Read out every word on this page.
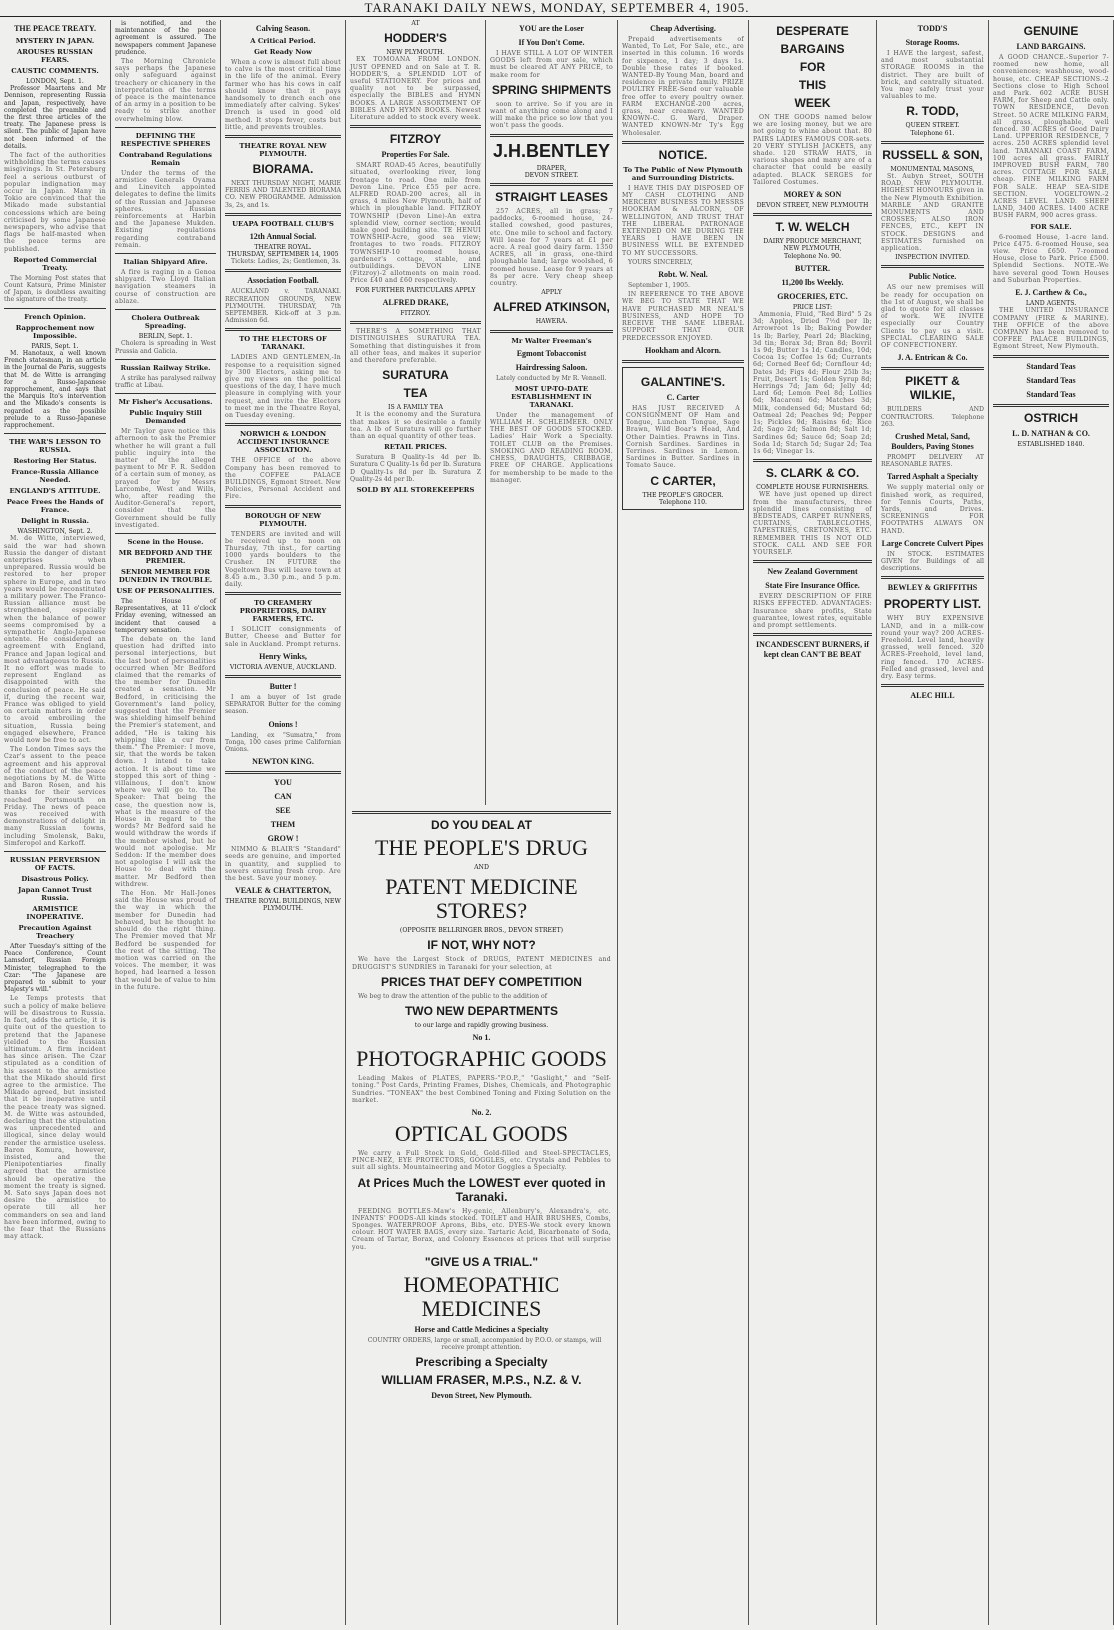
TARANAKI DAILY NEWS, MONDAY, SEPTEMBER 4, 1905.
THE PEACE TREATY.
MYSTERY IN JAPAN.
AROUSES RUSSIAN FEARS.
CAUSTIC COMMENTS.
LONDON, Sept. 1.
Professor Maartens and Mr Dennison, representing Russia and Japan, respectively, have completed the preamble and the first three articles of the treaty. The Japanese press is silent. The public of Japan have not been informed of the details.
The fact of the authorities withholding the terms causes misgivings. In St. Petersburg feel a serious outburst of popular indignation may occur in Japan. Many in Tokio are convinced that the Mikado made substantial concessions which are being criticised by some Japanese newspapers, who advise that flags be half-masted when the peace terms are published.
Reported Commercial Treaty.
The Morning Post states that Count Katsura, Prime Minister of Japan, is doubtless awaiting the signature of the treaty.
French Opinion.
Rapprochement now Impossible.
PARIS, Sept. 1.
M. Hanotaux, a well known French statesman, in an article in the Journal de Paris, suggests that M. de Witte is arranging for a Russo-Japanese rapprochement, and says that the Marquis Ito's intervention and the Mikado's consents is regarded as the possible prelude to a Russo-Japanese rapprochement.
THE WAR'S LESSON TO RUSSIA.
Restoring Her Status.
France-Russia Alliance Needed.
ENGLAND'S ATTITUDE.
Peace Frees the Hands of France.
Delight in Russia.
WASHINGTON, Sept. 2.
M. de Witte, interviewed, said the war had shown Russia the danger of distant enterprises when unprepared. Russia would be restored to her proper sphere in Europe, and in two years would be reconstituted a military power. The Franco-Russian alliance must be strengthened, especially when the balance of power seems compromised by a sympathetic Anglo-Japanese entente. He considered an agreement with England, France and Japan logical and most advantageous to Russia. It no effort was made to represent England as disappointed with the conclusion of peace. He said if, during the recent war, France was obliged to yield on certain matters in order to avoid embroiling the situation, Russia being engaged elsewhere, France would now be free to act.
The London Times says the Czar's assent to the peace agreement and his approval of the conduct of the peace negotiations by M. de Witte and Baron Rosen, and his thanks for their services reached Portsmouth on Friday. The news of peace was received with demonstrations of delight in many Russian towns, including Smolensk, Baku, Simferopol and Karkoff.
RUSSIAN PERVERSION OF FACTS.
Disastrous Policy.
Japan Cannot Trust Russia.
ARMISTICE INOPERATIVE.
Precaution Against Treachery
After Tuesday's sitting of the Peace Conference, Count Lamsdorf, Russian Foreign Minister, telegraphed to the Czar: "The Japanese are prepared to submit to your Majesty's will."
Le Temps protests that such a policy of make believe will be disastrous to Russia. In fact, adds the article, it is quite out of the question to pretend that the Japanese yielded to the Russian ultimatum. A firm incident has since arisen. The Czar stipulated as a condition of his assent to the armistice that the Mikado should first agree to the armistice. The Mikado agreed, but insisted that it be inoperative until the peace treaty was signed. M. de Witte was astounded, declaring that the stipulation was unprecedented and illogical, since delay would render the armistice useless. Baron Komura, however, insisted, and the Plenipotentiaries finally agreed that the armistice should be operative the moment the treaty is signed. M. Sato says Japan does not desire the armistice to operate till all her commanders on sea and land have been informed, owing to the fear that the Russians may attack.
is notified, and the maintenance of the peace agreement is assured. The newspapers comment Japanese prudence.
The Morning Chronicle says perhaps the Japanese only safeguard against treachery or chicanery in the interpretation of the terms of peace is the maintenance of an army in a position to be ready to strike another overwhelming blow.
DEFINING THE RESPECTIVE SPHERES
Contraband Regulations Remain
Under the terms of the armistice Generals Oyama and Linevitch appointed delegates to define the limits of the Russian and Japanese spheres. Russian reinforcements at Harbin and the Japanese Mukden. Existing regulations regarding contraband remain.
Italian Shipyard Afire.
A fire is raging in a Genoa shipyard. Two Lloyd Italian navigation steamers in course of construction are ablaze.
Cholera Outbreak Spreading.
BERLIN, Sept. 1.
Cholera is spreading in West Prussia and Galicia.
Russian Railway Strike.
A strike has paralysed railway traffic at Libau.
Mr Fisher's Accusations.
Public Inquiry Still Demanded
Mr Taylor gave notice this afternoon to ask the Premier whether he will grant a full public inquiry into the matter of the alleged payment to Mr F. R. Seddon of a certain sum of money, as prayed for by Messrs Larcombe, West and Wills, who, after reading the Auditor-General's report, consider that the Government should be fully investigated.
Scene in the House.
MR BEDFORD AND THE PREMIER.
SENIOR MEMBER FOR DUNEDIN IN TROUBLE.
USE OF PERSONALITIES.
The House of Representatives, at 11 o'clock Friday evening, witnessed an incident that caused a temporary sensation.
The debate on the land question had drifted into personal interjections, but the last bout of personalities occurred when Mr Bedford claimed that the remarks of the member for Dunedin created a sensation. Mr Bedford, in criticising the Government's land policy, suggested that the Premier was shielding himself behind the Premier's statement, and added, "He is taking his whipping like a cur from them." The Premier: I move, sir, that the words be taken down. I intend to take action. It is about time we stopped this sort of thing - villainous, I don't know where we will go to. The Speaker: That being the case, the question now is, what is the measure of the House in regard to the words? Mr Bedford said he would withdraw the words if the member wished, but he would not apologise. Mr Seddon: If the member does not apologise I will ask the House to deal with the matter. Mr Bedford then withdrew.
The Hon. Mr Hall-Jones said the House was proud of the way in which the member for Dunedin had behaved, but he thought he should do the right thing. The Premier moved that Mr Bedford be suspended for the rest of the sitting. The motion was carried on the voices. The member, it was hoped, had learned a lesson that would be of value to him in the future.
Calving Season.
A Critical Period.
Get Ready Now
When a cow is almost full about to calve is the most critical time in the life of the animal. Every farmer who has his cows in calf should know that it pays handsomely to drench each one immediately after calving. Sykes' Drench is used in good old method. It stops fever, costs but little, and prevents troubles.
THEATRE ROYAL NEW PLYMOUTH.
BIORAMA.
NEXT THURSDAY NIGHT, MARIE FERRIS AND TALENTED BIORAMA CO. NEW PROGRAMME. Admission 3s, 2s, and 1s.
UEAPA FOOTBALL CLUB'S
12th Annual Social.
THEATRE ROYAL.
THURSDAY, SEPTEMBER 14, 1905
Tickets: Ladies, 2s; Gentlemen, 3s.
Association Football.
AUCKLAND v. TARANAKI. RECREATION GROUNDS, NEW PLYMOUTH. THURSDAY, 7th SEPTEMBER. Kick-off at 3 p.m. Admission 6d.
TO THE ELECTORS OF TARANAKI.
LADIES AND GENTLEMEN,-In response to a requisition signed by 300 Electors, asking me to give my views on the political questions of the day, I have much pleasure in complying with your request, and invite the Electors to meet me in the Theatre Royal, on Tuesday evening.
NORWICH & LONDON ACCIDENT INSURANCE ASSOCIATION.
THE OFFICE of the above Company has been removed to the COFFEE PALACE BUILDINGS, Egmont Street. New Policies, Personal Accident and Fire.
BOROUGH OF NEW PLYMOUTH.
TENDERS are invited and will be received up to noon on Thursday, 7th inst., for carting 1000 yards boulders to the Crusher. IN FUTURE the Vogeltown Bus will leave town at 8.45 a.m., 3.30 p.m., and 5 p.m. daily.
TO CREAMERY PROPRIETORS, DAIRY FARMERS, ETC.
I SOLICIT consignments of Butter, Cheese and Butter for sale in Auckland. Prompt returns.
Henry Winks,
VICTORIA AVENUE, AUCKLAND.
Butter !
I am a buyer of 1st grade SEPARATOR Butter for the coming season.
Onions !
Landing, ex "Sumatra," from Tonga, 100 cases prime Californian Onions.
NEWTON KING.
YOU
CAN
SEE
THEM
GROW !
NIMMO & BLAIR'S "Standard" seeds are genuine, and imported in quantity, and supplied to sowers ensuring fresh crop. Are the best. Save your money.
VEALE & CHATTERTON,
THEATRE ROYAL BUILDINGS, NEW PLYMOUTH.
AT
HODDER'S
NEW PLYMOUTH.
EX TOMOANA FROM LONDON. JUST OPENED and on Sale at T. R. HODDER'S, a SPLENDID LOT of useful STATIONERY. For prices and quality not to be surpassed, especially the BIBLES and HYMN BOOKS. A LARGE ASSORTMENT OF BIBLES AND HYMN BOOKS. Newest Literature added to stock every week.
FITZROY
Properties For Sale.
SMART ROAD-45 Acres, beautifully situated, overlooking river, long frontage to road. One mile from Devon Line. Price £55 per acre. ALFRED ROAD-200 acres, all in grass, 4 miles New Plymouth, half of which in ploughable land. FITZROY TOWNSHIP (Devon Line)-An extra splendid view, corner section; would make good building site. TE HENUI TOWNSHIP-Acre, good sea view; frontages to two roads. FITZROY TOWNSHIP-10 roomed house, gardener's cottage, stable, and outbuildings. DEVON LINE (Fitzroy)-2 allotments on main road. Price £40 and £60 respectively.
FOR FURTHER PARTICULARS APPLY
ALFRED DRAKE,
FITZROY.
THERE'S A SOMETHING THAT DISTINGUISHES SURATURA TEA. Something that distinguishes it from all other teas, and makes it superior and therefore preferable.
SURATURA
TEA
IS A FAMILY TEA
It is the economy and the Suratura that makes it so desirable a family tea. A lb of Suratura will go further than an equal quantity of other teas.
RETAIL PRICES.
Suratura B Quality-1s 4d per lb. Suratura C Quality-1s 6d per lb. Suratura D Quality-1s 8d per lb. Suratura Z Quality-2s 4d per lb.
SOLD BY ALL STOREKEEPERS
YOU are the Loser
If You Don't Come.
I HAVE STILL A LOT OF WINTER GOODS left from our sale, which must be cleared AT ANY PRICE, to make room for
SPRING SHIPMENTS
soon to arrive. So if you are in want of anything come along and I will make the price so low that you won't pass the goods.
J.H.BENTLEY
DRAPER,
DEVON STREET.
STRAIGHT LEASES
257 ACRES, all in grass; 7 paddocks, 6-roomed house, 24-stalled cowshed, good pastures, etc. One mile to school and factory. Will lease for 7 years at £1 per acre. A real good dairy farm. 1350 ACRES, all in grass, one-third ploughable land; large woolshed, 6 roomed house. Lease for 9 years at 8s per acre. Very cheap sheep country.
APPLY
ALFRED ATKINSON,
HAWERA.
Mr Walter Freeman's
Egmont Tobacconist
Hairdressing Saloon.
Lately conducted by Mr R. Vennell.
MOST UP-TO-DATE ESTABLISHMENT IN TARANAKI.
Under the management of WILLIAM H. SCHLEIMEER. ONLY THE BEST OF GOODS STOCKED. Ladies' Hair Work a Specialty. TOILET CLUB on the Premises. SMOKING AND READING ROOM. CHESS, DRAUGHTS, CRIBBAGE, FREE OF CHARGE. Applications for membership to be made to the manager.
Cheap Advertising.
Prepaid advertisements of Wanted, To Let, For Sale, etc., are inserted in this column. 16 words for sixpence, 1 day; 3 days 1s. Double these rates if booked. WANTED-By Young Man, board and residence in private family. PRIZE POULTRY FREE-Send our valuable free offer to every poultry owner. FARM EXCHANGE-200 acres, grass, near creamery. WANTED KNOWN-C. G. Ward, Draper. WANTED KNOWN-Mr Ty's Egg Wholesaler.
NOTICE.
To The Public of New Plymouth and Surrounding Districts.
I HAVE THIS DAY DISPOSED OF MY CASH CLOTHING AND MERCERY BUSINESS TO MESSRS HOOKHAM & ALCORN, OF WELLINGTON, AND TRUST THAT THE LIBERAL PATRONAGE EXTENDED ON ME DURING THE YEARS I HAVE BEEN IN BUSINESS WILL BE EXTENDED TO MY SUCCESSORS.
YOURS SINCERELY,
Robt. W. Neal.
September 1, 1905.
IN REFERENCE TO THE ABOVE WE BEG TO STATE THAT WE HAVE PURCHASED MR NEAL'S BUSINESS, AND HOPE TO RECEIVE THE SAME LIBERAL SUPPORT THAT OUR PREDECESSOR ENJOYED.
Hookham and Alcorn.
GALANTINE'S.
C. Carter
HAS JUST RECEIVED A CONSIGNMENT OF Ham and Tongue, Lunchen Tongue, Sage Brawn, Wild Boar's Head, And Other Dainties. Prawns in Tins. Cornish Sardines. Sardines in Terrines. Sardines in Lemon. Sardines in Butter. Sardines in Tomato Sauce.
C CARTER,
THE PEOPLE'S GROCER.
Telephone 110.
DESPERATE
BARGAINS
FOR
THIS
WEEK
ON THE GOODS named below we are losing money, but we are not going to whine about that. 80 PAIRS LADIES FAMOUS COR-sets. 20 VERY STYLISH JACKETS, any shade. 120 STRAW HATS, in various shapes and many are of a character that could be easily adapted. BLACK SERGES for Tailored Costumes.
MOREY & SON
DEVON STREET, NEW PLYMOUTH
T. W. WELCH
DAIRY PRODUCE MERCHANT,
NEW PLYMOUTH,
Telephone No. 90.
BUTTER.
11,200 lbs Weekly.
GROCERIES, ETC.
PRICE LIST:
Ammonia, Fluid, "Red Bird" 5 2s 3d; Apples, Dried 7½d per lb; Arrowroot 1s lb; Baking Powder 1s lb; Barley, Pearl 2d; Blacking, 3d tin; Borax 3d; Bran 8d; Bovril 1s 9d; Butter 1s 1d; Candles, 10d; Cocoa 1s; Coffee 1s 6d; Currants 6d; Corned Beef 6d; Cornflour 4d; Dates 3d; Figs 4d; Flour 25lb 3s; Fruit, Desert 1s; Golden Syrup 8d; Herrings 7d; Jam 6d; Jelly 4d; Lard 6d; Lemon Peel 8d; Lollies 6d; Macaroni 6d; Matches 3d; Milk, condensed 6d; Mustard 6d; Oatmeal 2d; Peaches 9d; Pepper 1s; Pickles 9d; Raisins 6d; Rice 2d; Sago 2d; Salmon 8d; Salt 1d; Sardines 6d; Sauce 6d; Soap 2d; Soda 1d; Starch 5d; Sugar 2d; Tea 1s 6d; Vinegar 1s.
S. CLARK & CO.
COMPLETE HOUSE FURNISHERS.
WE have just opened up direct from the manufacturers, three splendid lines consisting of BEDSTEADS, CARPET RUNNERS, CURTAINS, TABLECLOTHS, TAPESTRIES, CRETONNES, ETC. REMEMBER THIS IS NOT OLD STOCK. CALL AND SEE FOR YOURSELF.
New Zealand Government
State Fire Insurance Office.
EVERY DESCRIPTION OF FIRE RISKS EFFECTED. ADVANTAGES: Insurance share profits, State guarantee, lowest rates, equitable and prompt settlements.
INCANDESCENT BURNERS, if kept clean CAN'T BE BEAT
TODD'S
Storage Rooms.
I HAVE the largest, safest, and most substantial STORAGE ROOMS in the district. They are built of brick, and centrally situated. You may safely trust your valuables to me.
R. TODD,
QUEEN STREET.
Telephone 61.
RUSSELL & SON,
MONUMENTAL MASONS,
St. Aubyn Street, SOUTH ROAD, NEW PLYMOUTH. HIGHEST HONOURS given in the New Plymouth Exhibition. MARBLE AND GRANITE MONUMENTS AND CROSSES; ALSO IRON FENCES, ETC., KEPT IN STOCK. DESIGNS and ESTIMATES furnished on application.
INSPECTION INVITED.
Public Notice.
AS our new premises will be ready for occupation on the 1st of August, we shall be glad to quote for all classes of work. WE INVITE especially our Country Clients to pay us a visit. SPECIAL CLEARING SALE OF CONFECTIONERY.
J. A. Entrican & Co.
PIKETT & WILKIE,
BUILDERS AND CONTRACTORS. Telephone 263.
Crushed Metal, Sand, Boulders, Paving Stones
PROMPT DELIVERY AT REASONABLE RATES.
Tarred Asphalt a Specialty
We supply material only or finished work, as required, for Tennis Courts, Paths, Yards, and Drives. SCREENINGS FOR FOOTPATHS ALWAYS ON HAND.
Large Concrete Culvert Pipes
IN STOCK. ESTIMATES GIVEN for Buildings of all descriptions.
BEWLEY & GRIFFITHS
PROPERTY LIST.
WHY BUY EXPENSIVE LAND, and in a milk-cow round your way? 200 ACRES-Freehold. Level land, heavily grassed, well fenced. 320 ACRES-Freehold, level land, ring fenced. 170 ACRES-Felled and grassed, level and dry. Easy terms.
ALEC HILL
GENUINE
LAND BARGAINS.
A GOOD CHANCE.-Superior 7-roomed new home, all conveniences; washhouse, wood-house, etc. CHEAP SECTIONS.-2 Sections close to High School and Park. 602 ACRE BUSH FARM, for Sheep and Cattle only. TOWN RESIDENCE, Devon Street. 50 ACRE MILKING FARM, all grass, ploughable, well fenced. 30 ACRES of Good Dairy Land. UPPERIOR RESIDENCE, 7 acres. 250 ACRES splendid level land. TARANAKI COAST FARM, 100 acres all grass. FAIRLY IMPROVED BUSH FARM, 780 acres. COTTAGE FOR SALE, cheap. FINE MILKING FARM FOR SALE. HEAP SEA-SIDE SECTION. VOGELTOWN.-2 ACRES LEVEL LAND. SHEEP LAND, 3400 ACRES. 1400 ACRE BUSH FARM, 900 acres grass.
FOR SALE.
6-roomed House, 1-acre land. Price £475. 6-roomed House, sea view. Price £650. 7-roomed House, close to Park. Price £500. Splendid Sections. NOTE.-We have several good Town Houses and Suburban Properties.
E. J. Carthew & Co.,
LAND AGENTS.
THE UNITED INSURANCE COMPANY (FIRE & MARINE). THE OFFICE of the above COMPANY has been removed to COFFEE PALACE BUILDINGS, Egmont Street, New Plymouth.
Standard Teas
Standard Teas
Standard Teas
OSTRICH
L. D. NATHAN & CO.
ESTABLISHED 1840.
DO YOU DEAL AT
THE PEOPLE'S DRUG
AND
PATENT MEDICINE STORES?
(OPPOSITE BELLRINGER BROS., DEVON STREET)
IF NOT, WHY NOT?
We have the Largest Stock of DRUGS, PATENT MEDICINES and DRUGGIST'S SUNDRIES in Taranaki for your selection, at
PRICES THAT DEFY COMPETITION
We beg to draw the attention of the public to the addition of
TWO NEW DEPARTMENTS
to our large and rapidly growing business.
No 1.
PHOTOGRAPHIC GOODS
Leading Makes of PLATES, PAPERS-"P.O.P.," "Gaslight," and "Self-toning." Post Cards, Printing Frames, Dishes, Chemicals, and Photographic Sundries. "TONEAX" the best Combined Toning and Fixing Solution on the market.
No. 2.
OPTICAL GOODS
We carry a Full Stock in Gold, Gold-filled and Steel-SPECTACLES, PINCE-NEZ, EYE PROTECTORS, GOGGLES, etc. Crystals and Pebbles to suit all sights. Mountaineering and Motor Goggles a Specialty.
At Prices Much the LOWEST ever quoted in Taranaki.
FEEDING BOTTLES-Maw's Hy-genic, Allenbury's, Alexandra's, etc. INFANTS' FOODS-All kinds stocked. TOILET and HAIR BRUSHES, Combs, Sponges. WATERPROOF Aprons, Bibs, etc. DYES-We stock every known colour. HOT WATER BAGS, every size. Tartaric Acid, Bicarbonate of Soda, Cream of Tartar, Borax, and Colonry Essences at prices that will surprise you.
"GIVE US A TRIAL."
HOMEOPATHIC MEDICINES
Horse and Cattle Medicines a Specialty
COUNTRY ORDERS, large or small, accompanied by P.O.O. or stamps, will receive prompt attention.
Prescribing a Specialty
WILLIAM FRASER, M.P.S., N.Z. & V.
Devon Street, New Plymouth.
